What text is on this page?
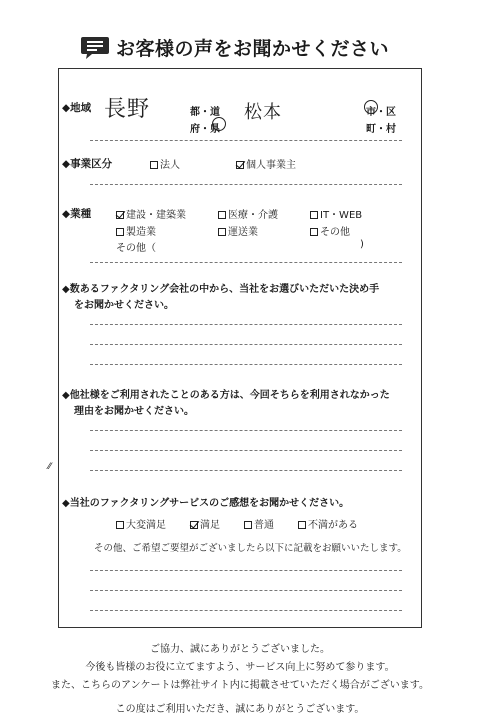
お客様の声をお聞かせください
◆地域 長野	都・道
府・県
松本	市・区
町・村
◆事業区分	法人	個人事業主
◆業種	建設・建築業	医療・介護	IT・WEB
製造業	運送業	その他
その他（	)
◆数あるファクタリング会社の中から、当社をお選びいただいた決め手
をお聞かせください。
◆他社様をご利用されたことのある方は、今回そちらを利用されなかった
理由をお聞かせください。
⁄⁄
◆当社のファクタリングサービスのご感想をお聞かせください。
大変満足	満足	普通	不満がある
その他、ご希望ご要望がございましたら以下に記載をお願いいたします。
ご協力、誠にありがとうございました。
今後も皆様のお役に立てますよう、サービス向上に努めて参ります。
また、こちらのアンケートは弊社サイト内に掲載させていただく場合がございます。
この度はご利用いただき、誠にありがとうございます。
